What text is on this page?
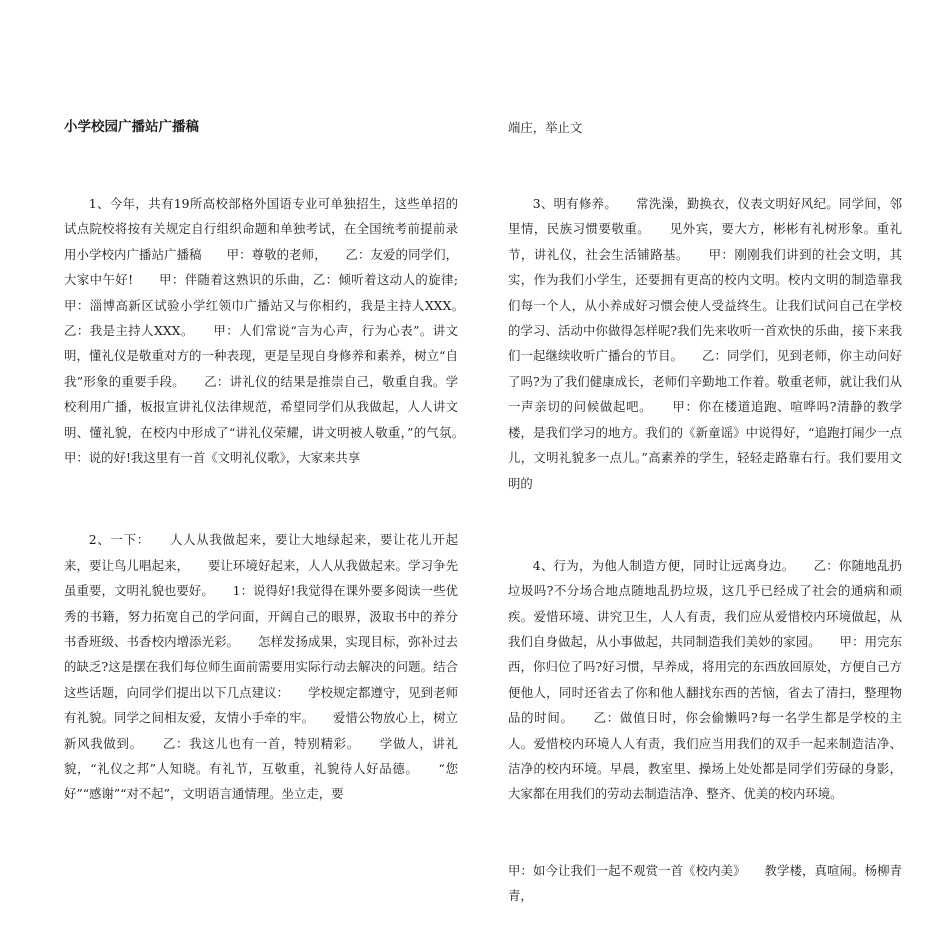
小学校园广播站广播稿

1、今年，共有19所高校部格外国语专业可单独招生，这些单招的试点院校将按有关规定自行组织命题和单独考试，在全国统考前提前录用小学校内广播站广播稿　　甲：尊敬的老师，　　乙：友爱的同学们，大家中午好!　　甲：伴随着这熟识的乐曲，乙：倾听着这动人的旋律;　　甲：淄博高新区试验小学红领巾广播站又与你相约，我是主持人XXX。　　乙：我是主持人XXX。　　甲：人们常说“言为心声，行为心表”。讲文明，懂礼仪是敬重对方的一种表现，更是呈现自身修养和素养，树立“自我”形象的重要手段。　　乙：讲礼仪的结果是推崇自己，敬重自我。学校利用广播，板报宣讲礼仪法律规范，希望同学们从我做起，人人讲文明、懂礼貌，在校内中形成了“讲礼仪荣耀，讲文明被人敬重，”的气氛。　　甲：说的好!我这里有一首《文明礼仪歌》，大家来共享

2、一下：　　人人从我做起来，要让大地绿起来，要让花儿开起来，要让鸟儿唱起来，　　要让环境好起来，人人从我做起来。学习争先虽重要，文明礼貌也要好。　　1：说得好!我觉得在课外要多阅读一些优秀的书籍，努力拓宽自己的学问面，开阔自己的眼界，汲取书中的养分书香班级、书香校内增添光彩。　　怎样发扬成果，实现目标，弥补过去的缺乏?这是摆在我们每位师生面前需要用实际行动去解决的问题。结合这些话题，向同学们提出以下几点建议：　　学校规定都遵守，见到老师有礼貌。同学之间相友爱，友情小手牵的牢。　　爱惜公物放心上，树立新风我做到。　　乙：我这儿也有一首，特别精彩。　　学做人，讲礼貌，“礼仪之邦”人知晓。有礼节，互敬重，礼貌待人好品德。　　“您好”“感谢”“对不起”，文明语言通情理。坐立走，要

端庄，举止文

3、明有修养。　　常洗澡，勤换衣，仪表文明好风纪。同学间，邻里情，民族习惯要敬重。　　见外宾，要大方，彬彬有礼树形象。重礼节，讲礼仪，社会生活铺路基。　　甲：刚刚我们讲到的社会文明，其实，作为我们小学生，还要拥有更高的校内文明。校内文明的制造靠我们每一个人，从小养成好习惯会使人受益终生。让我们试问自己在学校的学习、活动中你做得怎样呢?我们先来收听一首欢快的乐曲，接下来我们一起继续收听广播台的节目。　　乙：同学们，见到老师，你主动问好了吗?为了我们健康成长，老师们辛勤地工作着。敬重老师，就让我们从一声亲切的问候做起吧。　　甲：你在楼道追跑、喧哗吗?清静的教学楼，是我们学习的地方。我们的《新童谣》中说得好，“追跑打闹少一点儿，文明礼貌多一点儿。”高素养的学生，轻轻走路靠右行。我们要用文明的

4、行为，为他人制造方便，同时让远离身边。　　乙：你随地乱扔垃圾吗?不分场合地点随地乱扔垃圾，这几乎已经成了社会的通病和顽疾。爱惜环境、讲究卫生，人人有责，我们应从爱惜校内环境做起，从我们自身做起，从小事做起，共同制造我们美妙的家园。　　甲：用完东西，你归位了吗?好习惯，早养成，将用完的东西放回原处，方便自己方便他人，同时还省去了你和他人翻找东西的苦恼，省去了清扫，整理物品的时间。　　乙：做值日时，你会偷懒吗?每一名学生都是学校的主人。爱惜校内环境人人有责，我们应当用我们的双手一起来制造洁净、洁净的校内环境。早晨，教室里、操场上处处都是同学们劳碌的身影，大家都在用我们的劳动去制造洁净、整齐、优美的校内环境。

甲：如今让我们一起不观赏一首《校内美》　　教学楼，真喧闹。杨柳青青，
